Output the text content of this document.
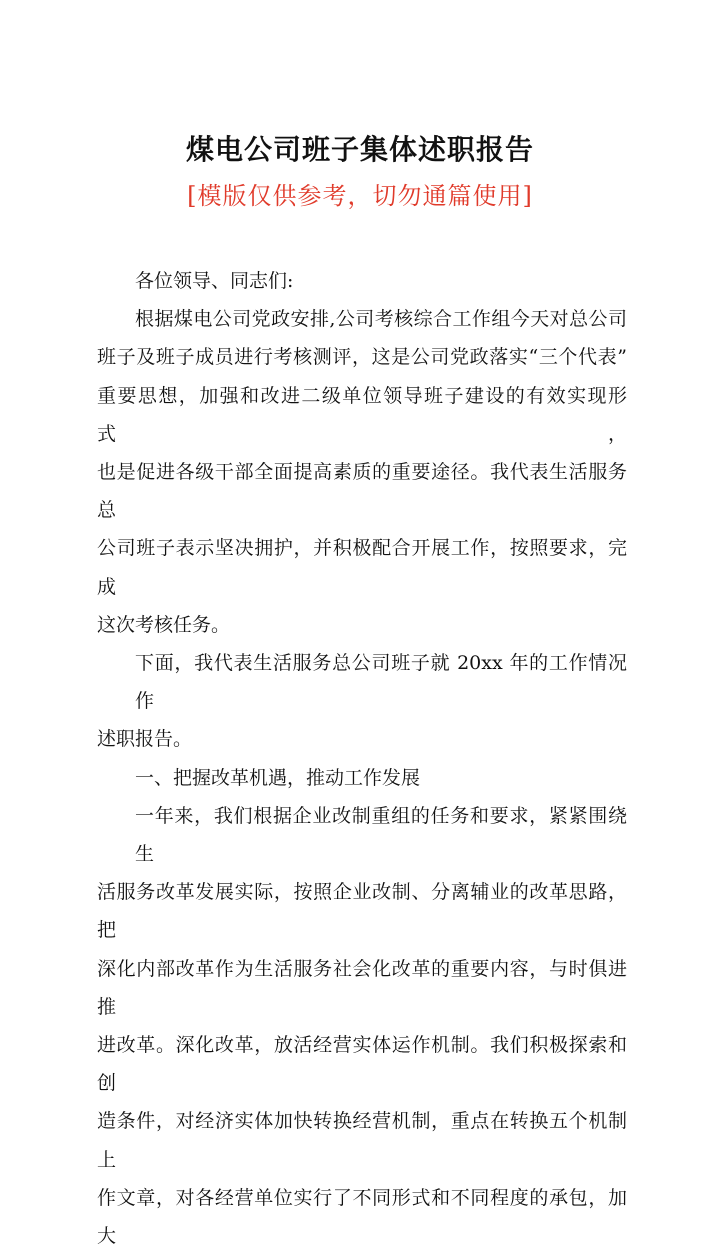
煤电公司班子集体述职报告
[模版仅供参考，切勿通篇使用]
各位领导、同志们:
根据煤电公司党政安排,公司考核综合工作组今天对总公司
班子及班子成员进行考核测评，这是公司党政落实“三个代表”
重要思想，加强和改进二级单位领导班子建设的有效实现形式，
也是促进各级干部全面提高素质的重要途径。我代表生活服务总
公司班子表示坚决拥护，并积极配合开展工作，按照要求，完成
这次考核任务。
下面，我代表生活服务总公司班子就 20xx 年的工作情况作
述职报告。
一、把握改革机遇，推动工作发展
一年来，我们根据企业改制重组的任务和要求，紧紧围绕生
活服务改革发展实际，按照企业改制、分离辅业的改革思路，把
深化内部改革作为生活服务社会化改革的重要内容，与时俱进推
进改革。深化改革，放活经营实体运作机制。我们积极探索和创
造条件，对经济实体加快转换经营机制，重点在转换五个机制上
作文章，对各经营单位实行了不同形式和不同程度的承包，加大
